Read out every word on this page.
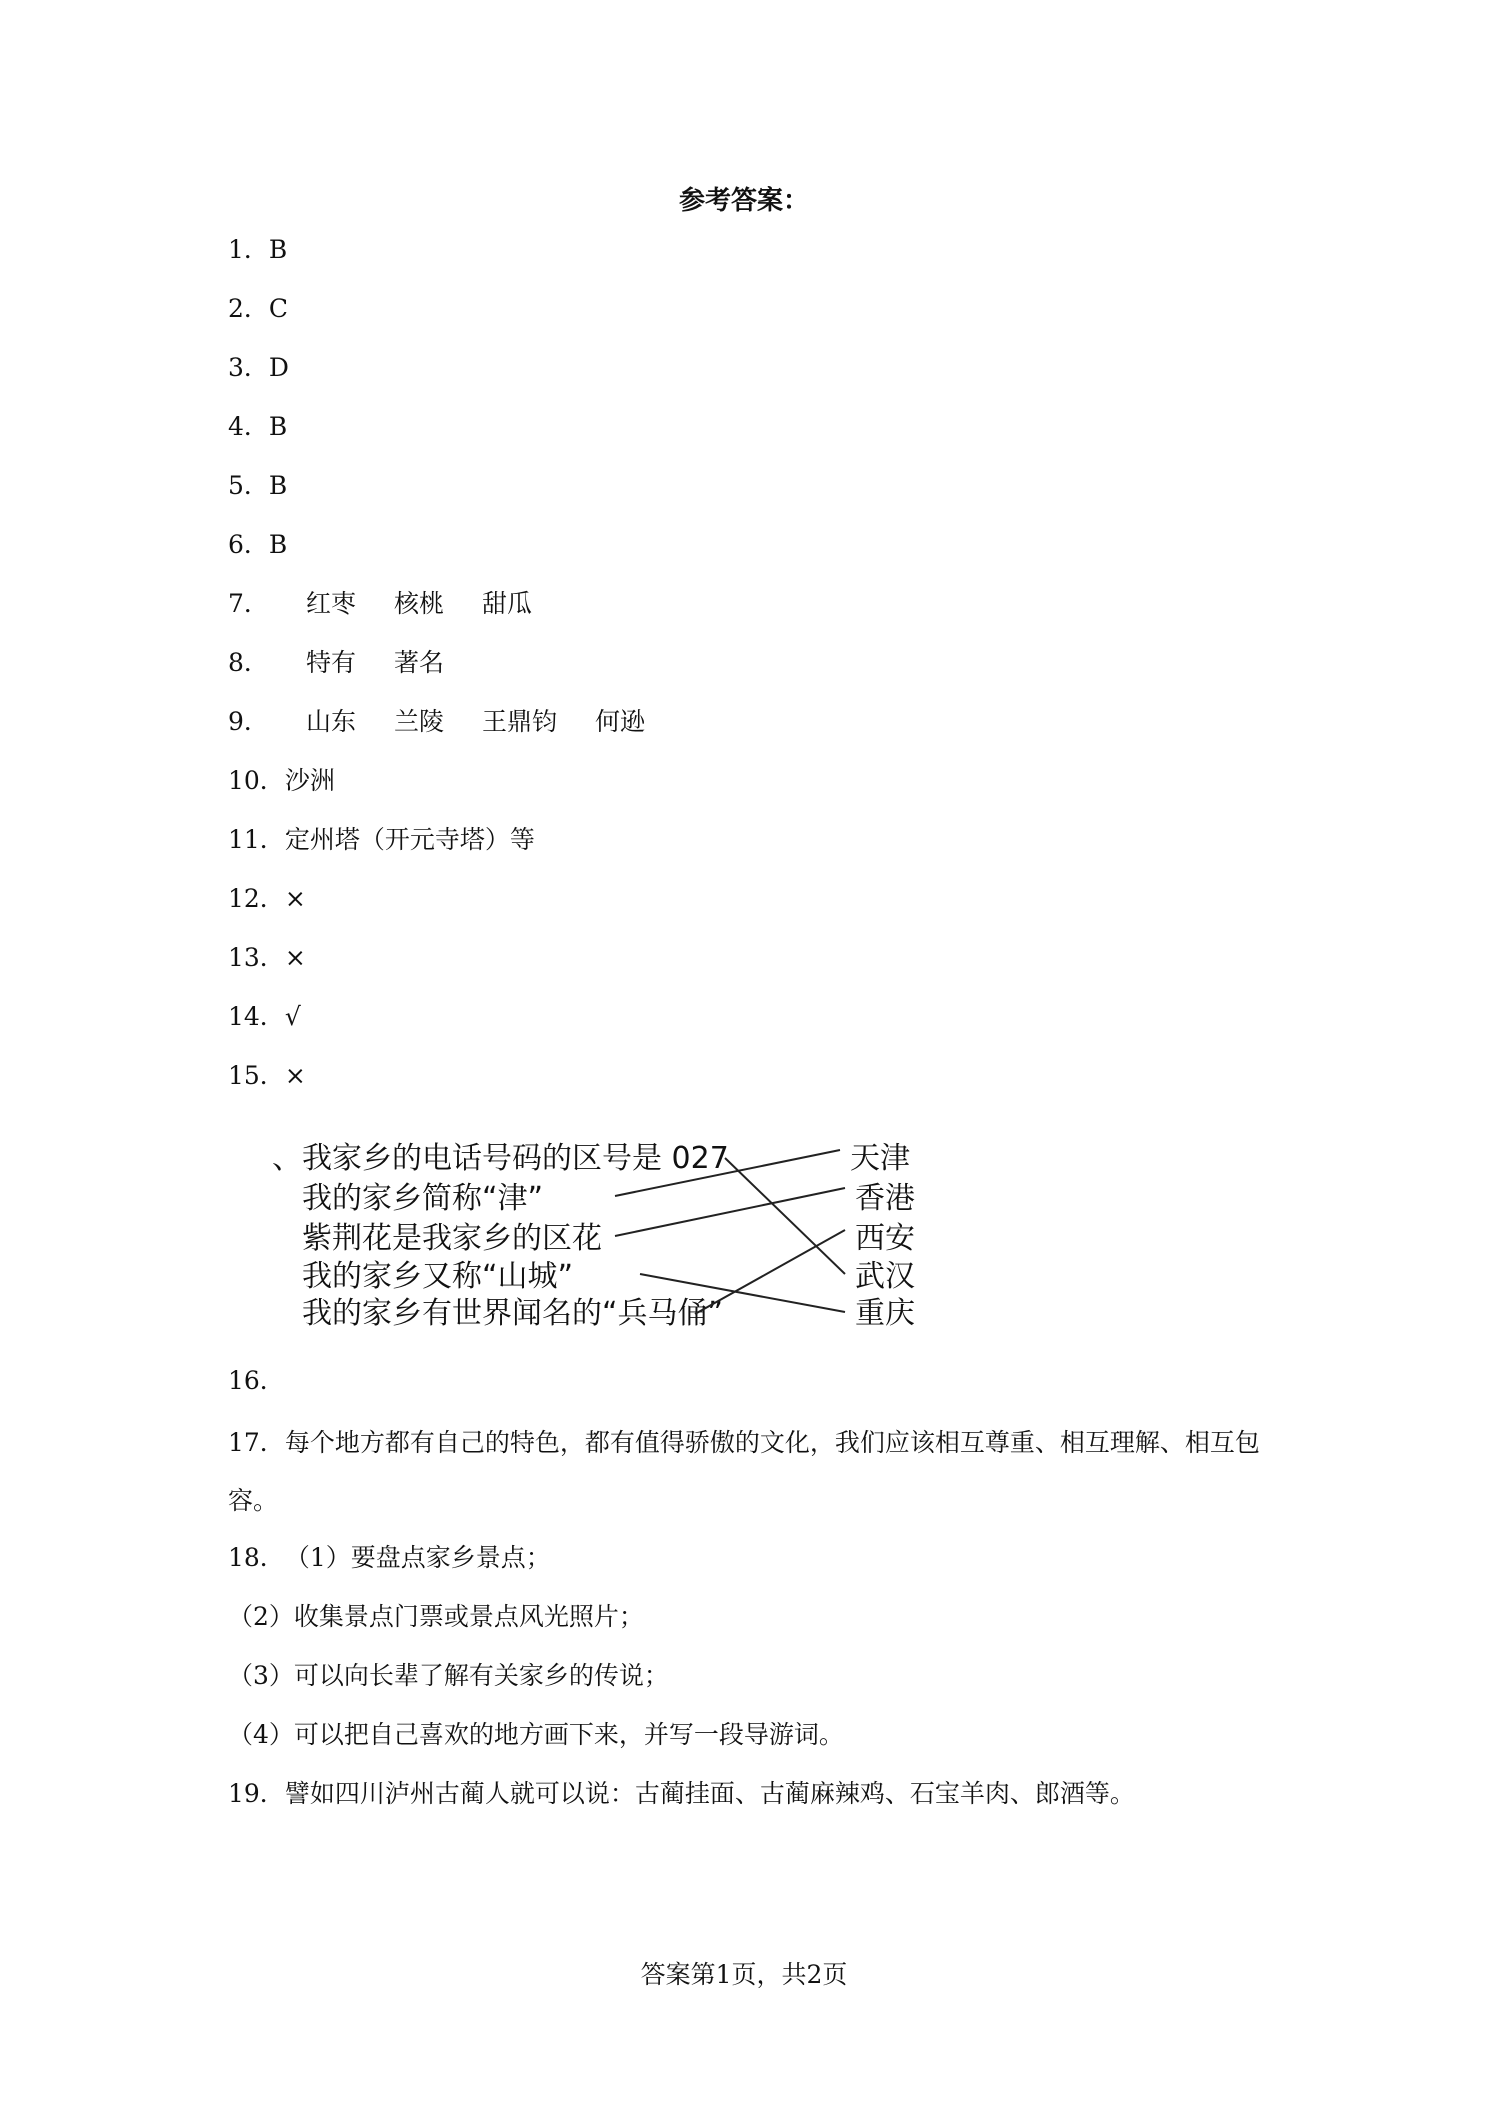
参考答案：
1．B
2．C
3．D
4．B
5．B
6．B
7． 红枣 核桃 甜瓜
8． 特有 著名
9． 山东 兰陵 王鼎钧 何逊
10．沙洲
11．定州塔（开元寺塔）等
12．×
13．×
14．√
15．×
、 我家乡的电话号码的区号是 027
我的家乡简称“津”
紫荆花是我家乡的区花
我的家乡又称“山城”
我的家乡有世界闻名的“兵马俑”
天津
香港
西安
武汉
重庆
16．
17．每个地方都有自己的特色，都有值得骄傲的文化，我们应该相互尊重、相互理解、相互包容。
18．（1）要盘点家乡景点；
（2）收集景点门票或景点风光照片；
（3）可以向长辈了解有关家乡的传说；
（4）可以把自己喜欢的地方画下来，并写一段导游词。
19．譬如四川泸州古蔺人就可以说：古蔺挂面、古蔺麻辣鸡、石宝羊肉、郎酒等。
答案第1页，共2页
